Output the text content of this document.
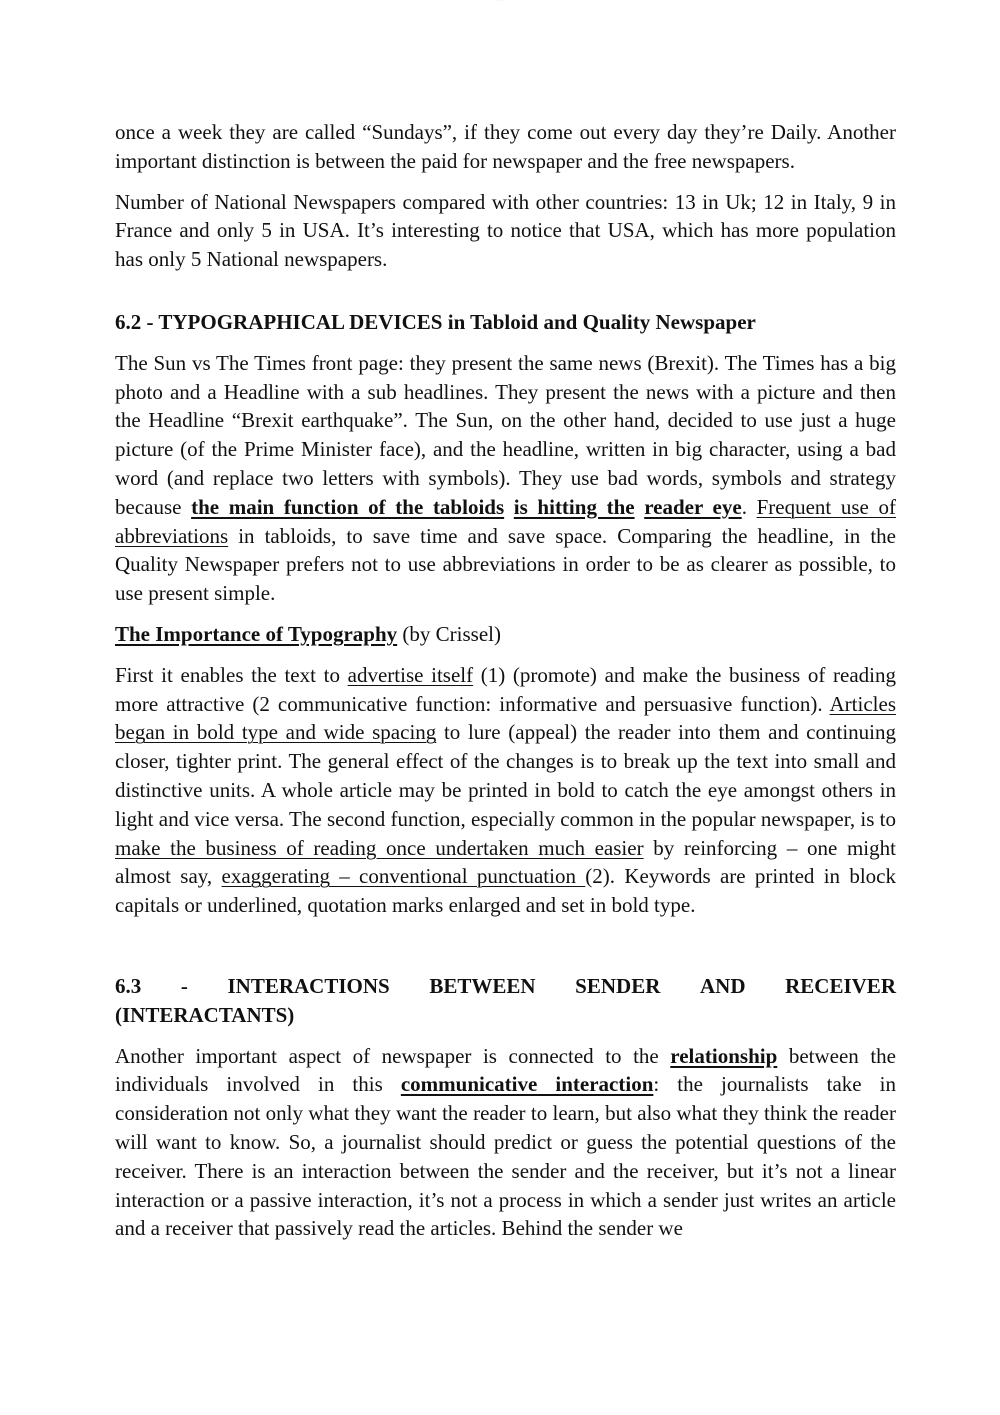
········

once a week they are called “Sundays”, if they come out every day they’re Daily. Another important distinction is between the paid for newspaper and the free newspapers.

Number of National Newspapers compared with other countries: 13 in Uk; 12 in Italy, 9 in France and only 5 in USA. It’s interesting to notice that USA, which has more population has only 5 National newspapers.

6.2 - TYPOGRAPHICAL DEVICES in Tabloid and Quality Newspaper

The Sun vs The Times front page: they present the same news (Brexit). The Times has a big photo and a Headline with a sub headlines. They present the news with a picture and then the Headline “Brexit earthquake”. The Sun, on the other hand, decided to use just a huge picture (of the Prime Minister face), and the headline, written in big character, using a bad word (and replace two letters with symbols). They use bad words, symbols and strategy because the main function of the tabloids is hitting the reader eye. Frequent use of abbreviations in tabloids, to save time and save space. Comparing the headline, in the Quality Newspaper prefers not to use abbreviations in order to be as clearer as possible, to use present simple.

The Importance of Typography (by Crissel)

First it enables the text to advertise itself (1) (promote) and make the business of reading more attractive (2 communicative function: informative and persuasive function). Articles began in bold type and wide spacing to lure (appeal) the reader into them and continuing closer, tighter print. The general effect of the changes is to break up the text into small and distinctive units. A whole article may be printed in bold to catch the eye amongst others in light and vice versa. The second function, especially common in the popular newspaper, is to make the business of reading once undertaken much easier by reinforcing – one might almost say, exaggerating – conventional punctuation (2). Keywords are printed in block capitals or underlined, quotation marks enlarged and set in bold type.

6.3 - INTERACTIONS BETWEEN SENDER AND RECEIVER
(INTERACTANTS)

Another important aspect of newspaper is connected to the relationship between the individuals involved in this communicative interaction: the journalists take in consideration not only what they want the reader to learn, but also what they think the reader will want to know. So, a journalist should predict or guess the potential questions of the receiver. There is an interaction between the sender and the receiver, but it’s not a linear interaction or a passive interaction, it’s not a process in which a sender just writes an article and a receiver that passively read the articles. Behind the sender we
